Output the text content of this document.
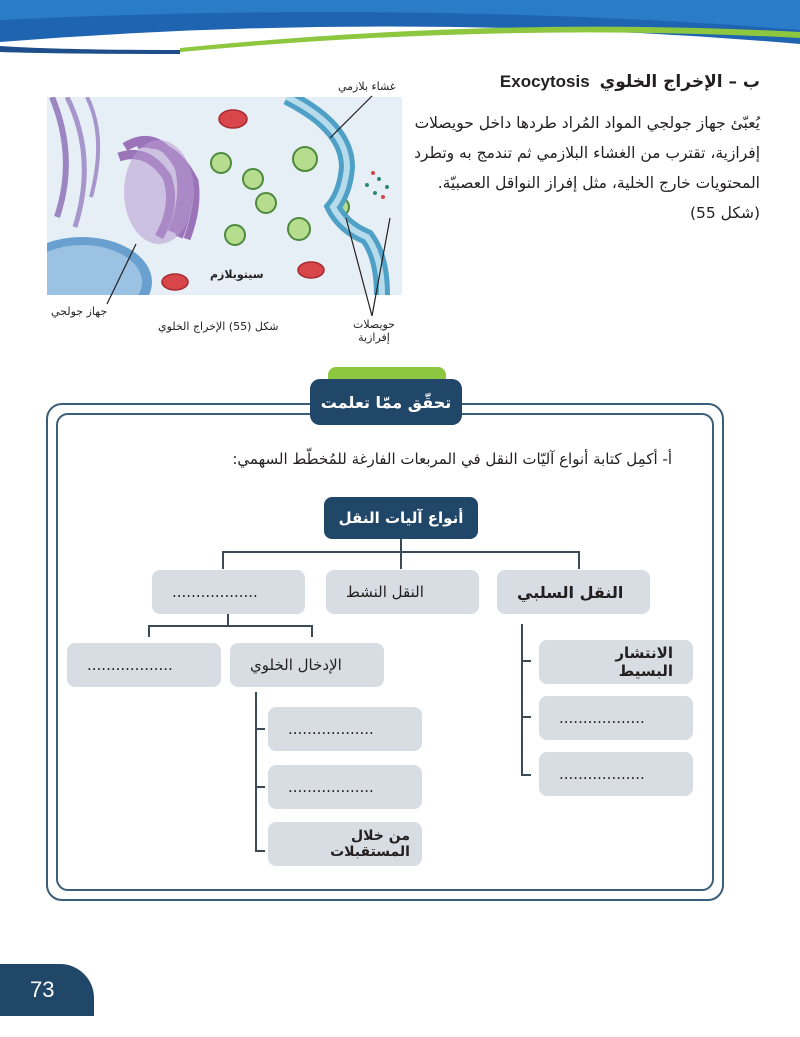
ب – الإخراج الخلوي Exocytosis
يُعبّئ جهاز جولجي المواد المُراد طردها داخل حويصلات إفرازية، تقترب من الغشاء البلازمي ثم تندمج به وتطرد المحتويات خارج الخلية، مثل إفراز النواقل العصبيّة. (شكل 55)
غشاء بلازمي
سيتوبلازم
جهاز جولجي
شكل (55) الإخراج الخلوي	حويصلات
إفرازية
تحقّق ممّا تعلمت
أ- أكمِل كتابة أنواع آليّات النقل في المربعات الفارغة للمُخطّط السهمي:
أنواع آليات النقل
النقل السلبي
النقل النشط
..................
الإدخال الخلوي
..................
..................
..................
من خلال المستقبلات
الانتشار البسيط
..................
..................
73
